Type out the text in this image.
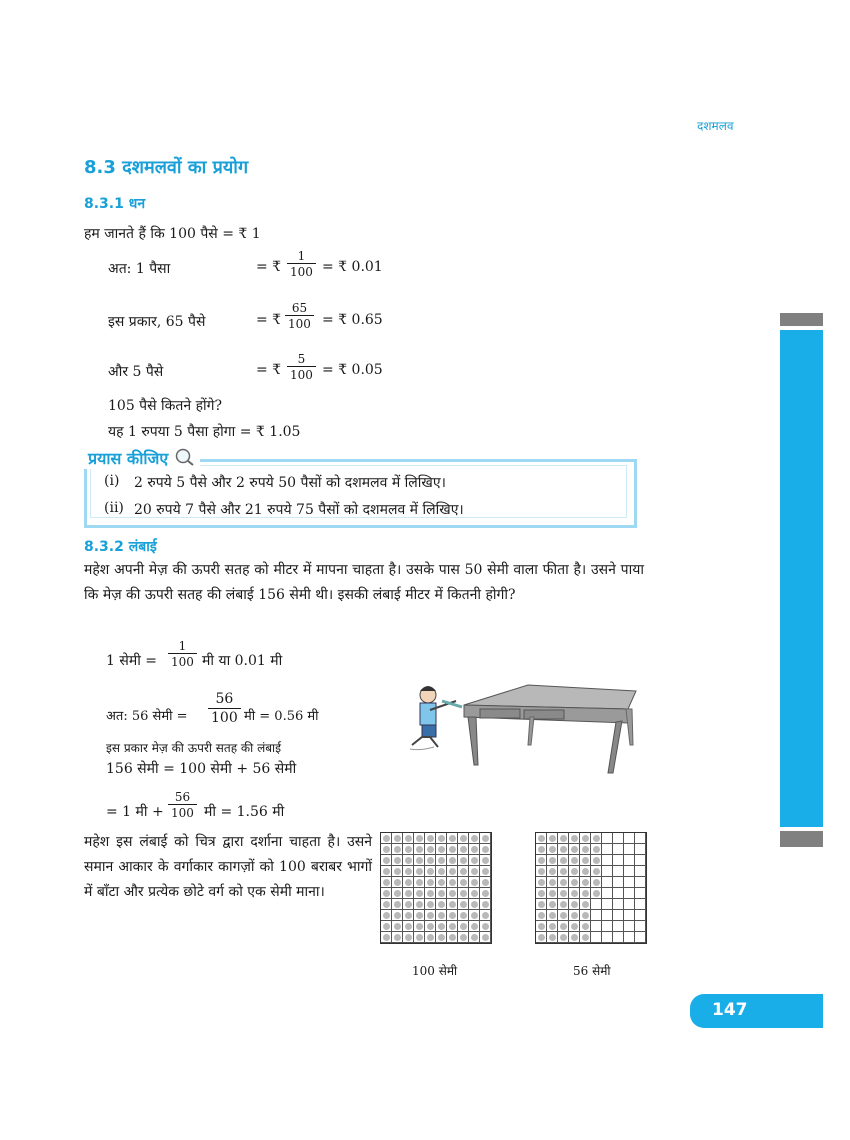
दशमलव
8.3 दशमलवों का प्रयोग
8.3.1 धन
हम जानते हैं कि 100 पैसे = ₹ 1
अत: 1 पैसा	= ₹ $\frac{1}{100}$ = ₹ 0.01
इस प्रकार, 65 पैसे	= ₹ $\frac{65}{100}$ = ₹ 0.65
और 5 पैसे	= ₹ $\frac{5}{100}$ = ₹ 0.05
105 पैसे कितने होंगे?
यह 1 रुपया 5 पैसा होगा = ₹ 1.05
प्रयास कीजिए
(i) 2 रुपये 5 पैसे और 2 रुपये 50 पैसों को दशमलव में लिखिए।
(ii) 20 रुपये 7 पैसे और 21 रुपये 75 पैसों को दशमलव में लिखिए।
8.3.2 लंबाई
महेश अपनी मेज़ की ऊपरी सतह को मीटर में मापना चाहता है। उसके पास 50 सेमी वाला फीता है। उसने पाया कि मेज़ की ऊपरी सतह की लंबाई 156 सेमी थी। इसकी लंबाई मीटर में कितनी होगी?
1 सेमी = $\frac{1}{100}$ मी या 0.01 मी
अत: 56 सेमी = $\frac{56}{100}$ मी = 0.56 मी
इस प्रकार मेज़ की ऊपरी सतह की लंबाई
156 सेमी = 100 सेमी + 56 सेमी
= 1 मी + $\frac{56}{100}$ मी = 1.56 मी
महेश इस लंबाई को चित्र द्वारा दर्शाना चाहता है। उसने समान आकार के वर्गाकार कागज़ों को 100 बराबर भागों में बाँटा और प्रत्येक छोटे वर्ग को एक सेमी माना।
100 सेमी	56 सेमी
147
